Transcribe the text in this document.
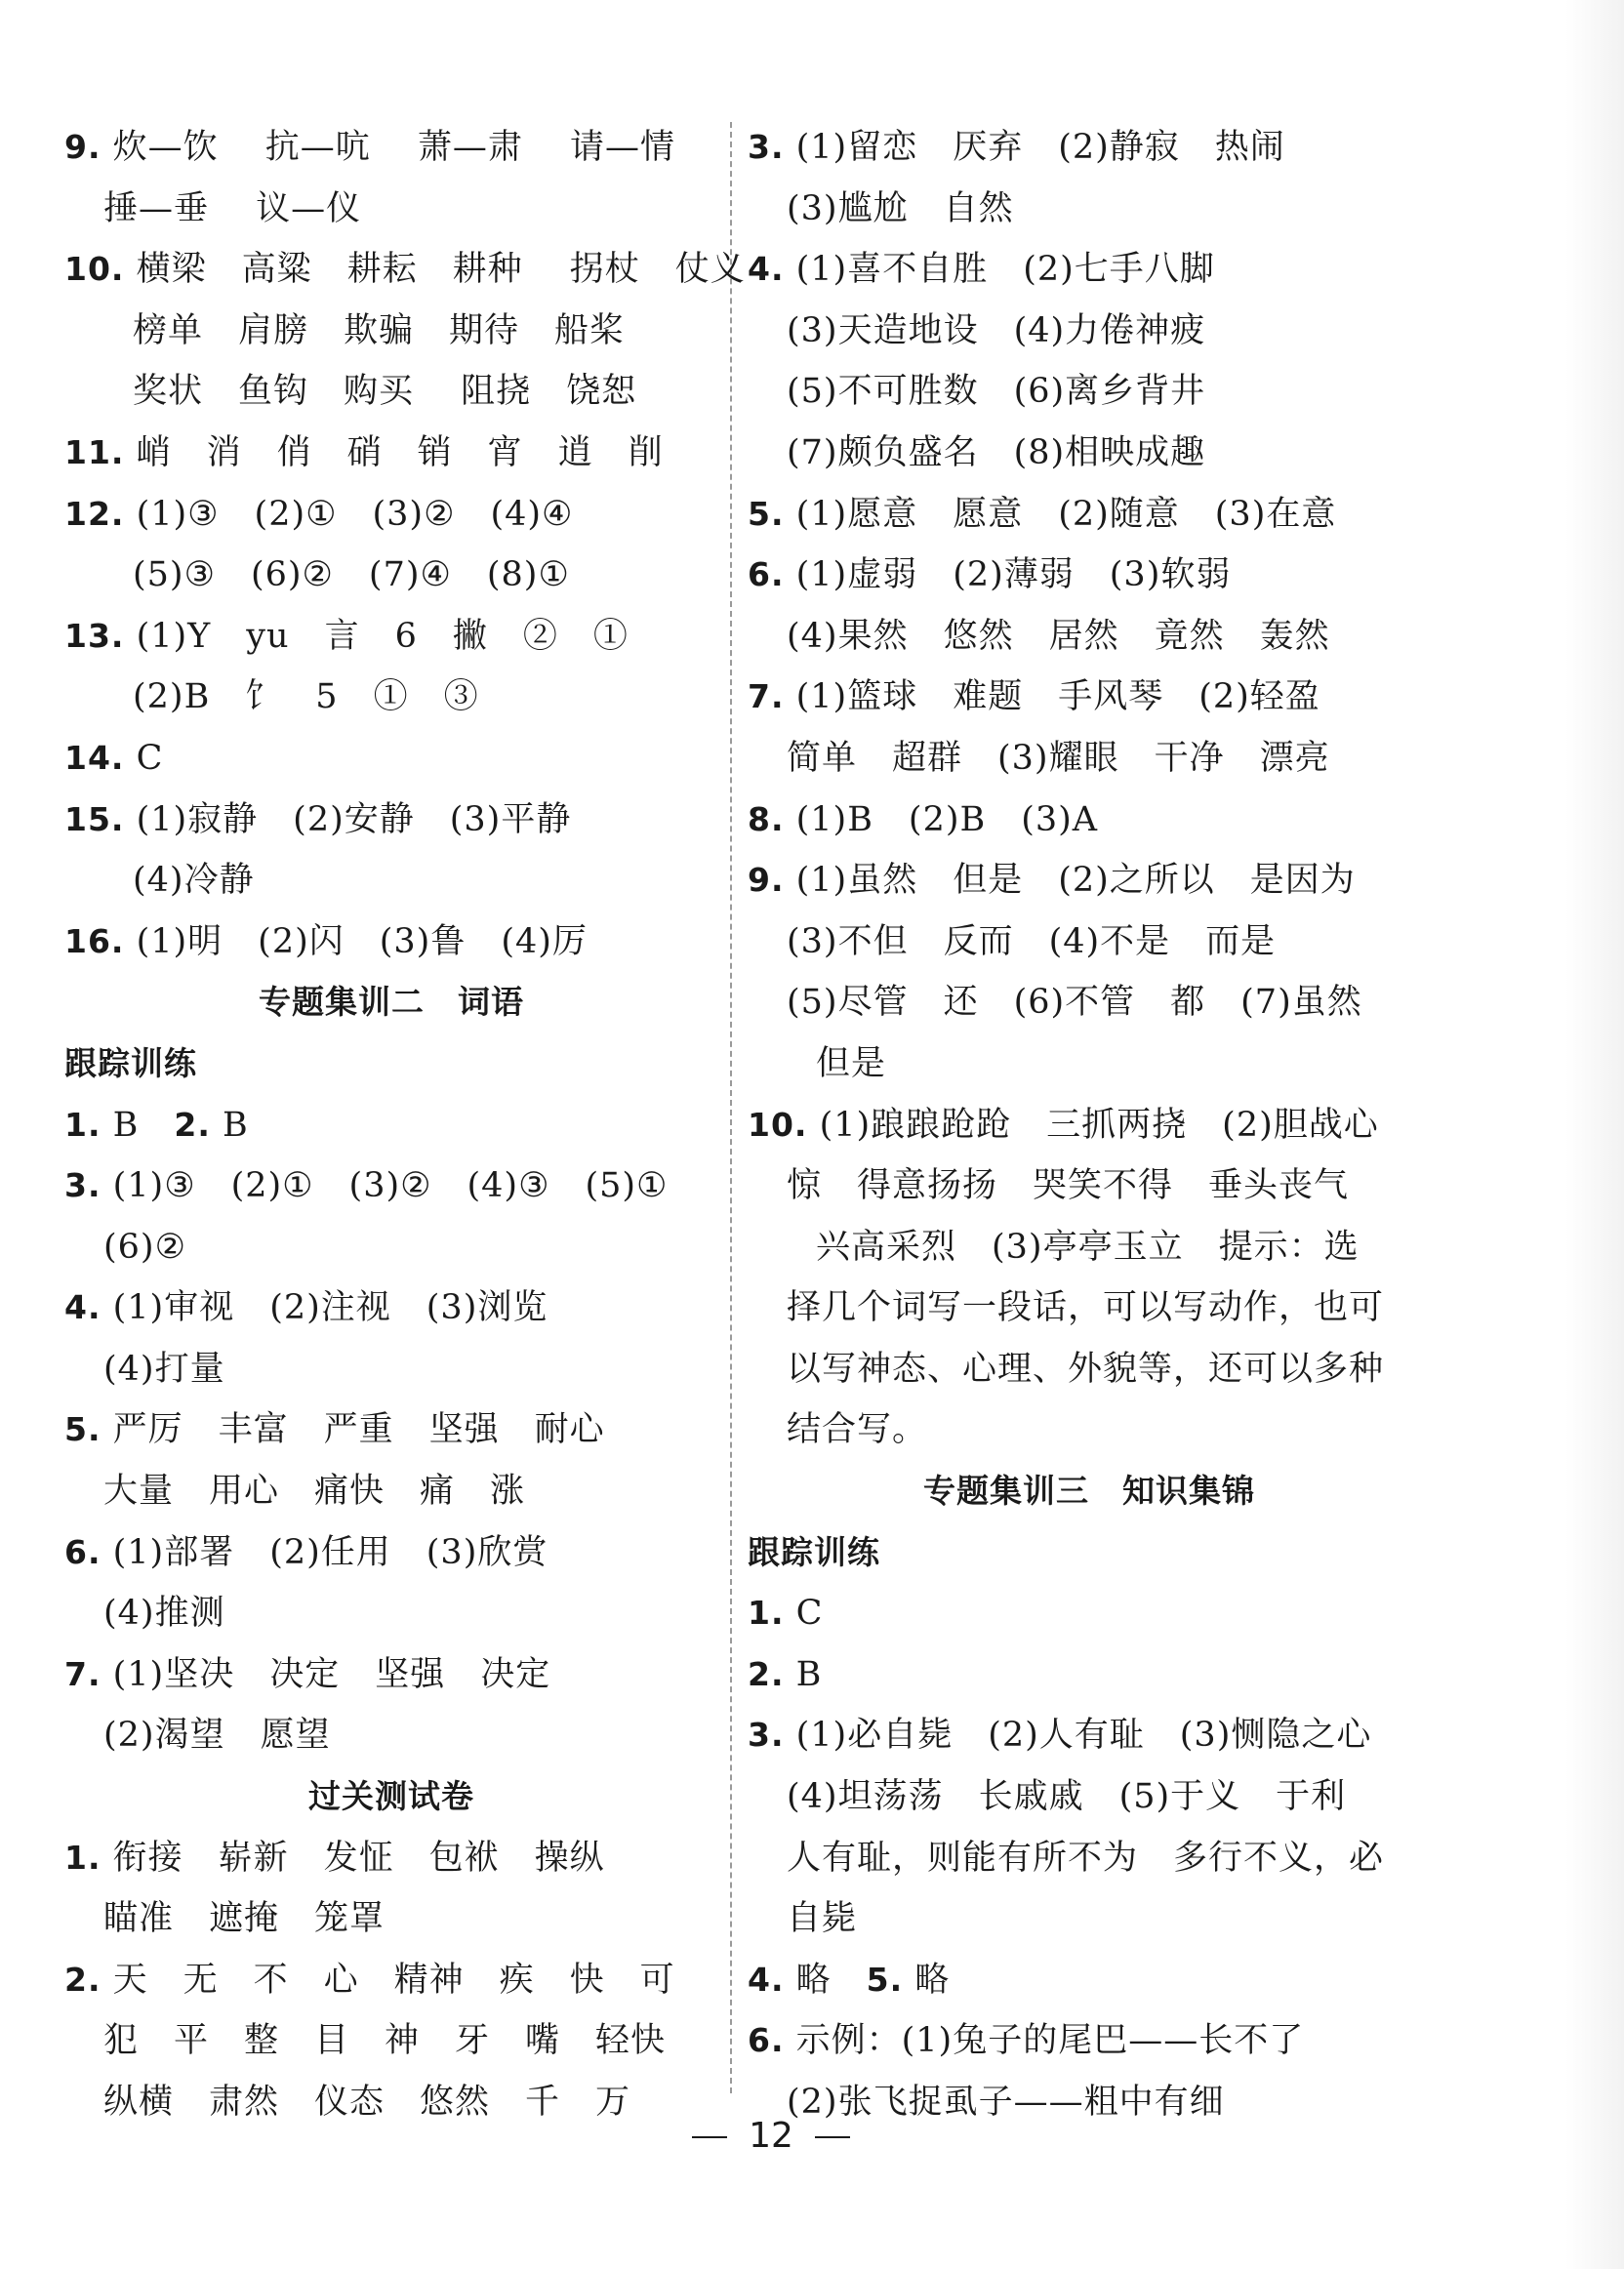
9. 炊—饮　 抗—吭　 萧—肃　 请—情
捶—垂　 议—仪
10. 横梁　高粱　耕耘　耕种　 拐杖　仗义
榜单　肩膀　欺骗　期待　船桨
奖状　鱼钩　购买　 阻挠　饶恕
11. 峭　消　俏　硝　销　宵　逍　削
12. (1)③　(2)①　(3)②　(4)④
(5)③　(6)②　(7)④　(8)①
13. (1)Y　yu　言　6　撇　②　①
(2)B　饣　5　①　③
14. C
15. (1)寂静　(2)安静　(3)平静
(4)冷静
16. (1)明　(2)闪　(3)鲁　(4)厉
专题集训二　词语
跟踪训练
1. B　2. B
3. (1)③　(2)①　(3)②　(4)③　(5)①
(6)②
4. (1)审视　(2)注视　(3)浏览
(4)打量
5. 严厉　丰富　严重　坚强　耐心
大量　用心　痛快　痛　涨
6. (1)部署　(2)任用　(3)欣赏
(4)推测
7. (1)坚决　决定　坚强　决定
(2)渴望　愿望
过关测试卷
1. 衔接　崭新　发怔　包袱　操纵
瞄准　遮掩　笼罩
2. 天　无　不　心　精神　疾　快　可
犯　平　整　目　神　牙　嘴　轻快
纵横　肃然　仪态　悠然　千　万
3. (1)留恋　厌弃　(2)静寂　热闹
(3)尴尬　自然
4. (1)喜不自胜　(2)七手八脚
(3)天造地设　(4)力倦神疲
(5)不可胜数　(6)离乡背井
(7)颇负盛名　(8)相映成趣
5. (1)愿意　愿意　(2)随意　(3)在意
6. (1)虚弱　(2)薄弱　(3)软弱
(4)果然　悠然　居然　竟然　轰然
7. (1)篮球　难题　手风琴　(2)轻盈
简单　超群　(3)耀眼　干净　漂亮
8. (1)B　(2)B　(3)A
9. (1)虽然　但是　(2)之所以　是因为
(3)不但　反而　(4)不是　而是
(5)尽管　还　(6)不管　都　(7)虽然
但是
10. (1)踉踉跄跄　三抓两挠　(2)胆战心
惊　得意扬扬　哭笑不得　垂头丧气
兴高采烈　(3)亭亭玉立　提示：选
择几个词写一段话，可以写动作，也可
以写神态、心理、外貌等，还可以多种
结合写。
专题集训三　知识集锦
跟踪训练
1. C
2. B
3. (1)必自毙　(2)人有耻　(3)恻隐之心
(4)坦荡荡　长戚戚　(5)于义　于利
人有耻，则能有所不为　多行不义，必
自毙
4. 略　5. 略
6. 示例：(1)兔子的尾巴——长不了
(2)张飞捉虱子——粗中有细
12
